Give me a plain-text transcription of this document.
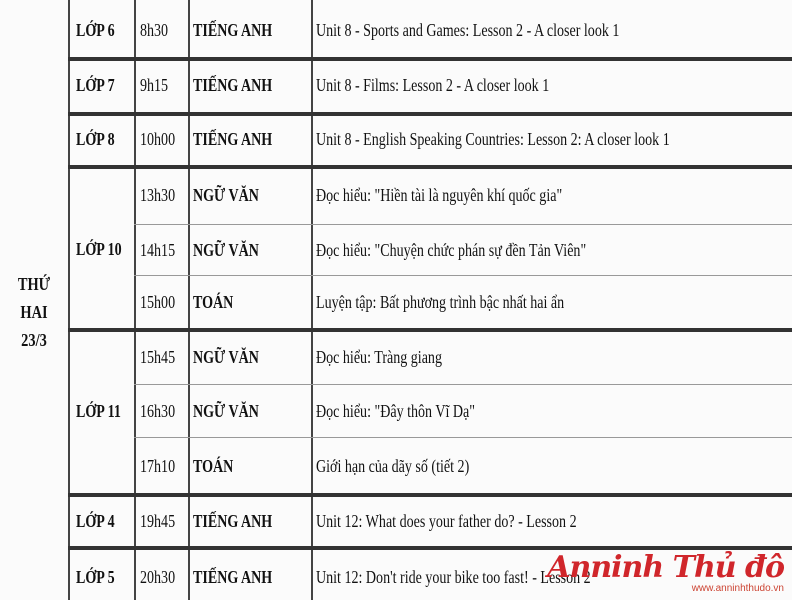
THỨ HAI
23/3
LỚP 6 8h30 TIẾNG ANH Unit 8 - Sports and Games: Lesson 2 - A closer look 1
LỚP 7 9h15 TIẾNG ANH Unit 8 - Films: Lesson 2 - A closer look 1
LỚP 8 10h00 TIẾNG ANH Unit 8 - English Speaking Countries: Lesson 2: A closer look 1
LỚP 10
13h30 NGỮ VĂN	Đọc hiểu: "Hiền tài là nguyên khí quốc gia"
14h15 NGỮ VĂN	Đọc hiểu: "Chuyện chức phán sự đền Tản Viên"
15h00 TOÁN	Luyện tập: Bất phương trình bậc nhất hai ẩn
LỚP 11
15h45 NGỮ VĂN	Đọc hiểu: Tràng giang
16h30 NGỮ VĂN	Đọc hiểu: "Đây thôn Vĩ Dạ"
17h10 TOÁN	Giới hạn của dãy số (tiết 2)
LỚP 4 19h45 TIẾNG ANH Unit 12: What does your father do? - Lesson 2
LỚP 5 20h30 TIẾNG ANH Unit 12: Don't ride your bike too fast! - Lesson 2
Anninh Thủ đô
www.anninhthudo.vn
